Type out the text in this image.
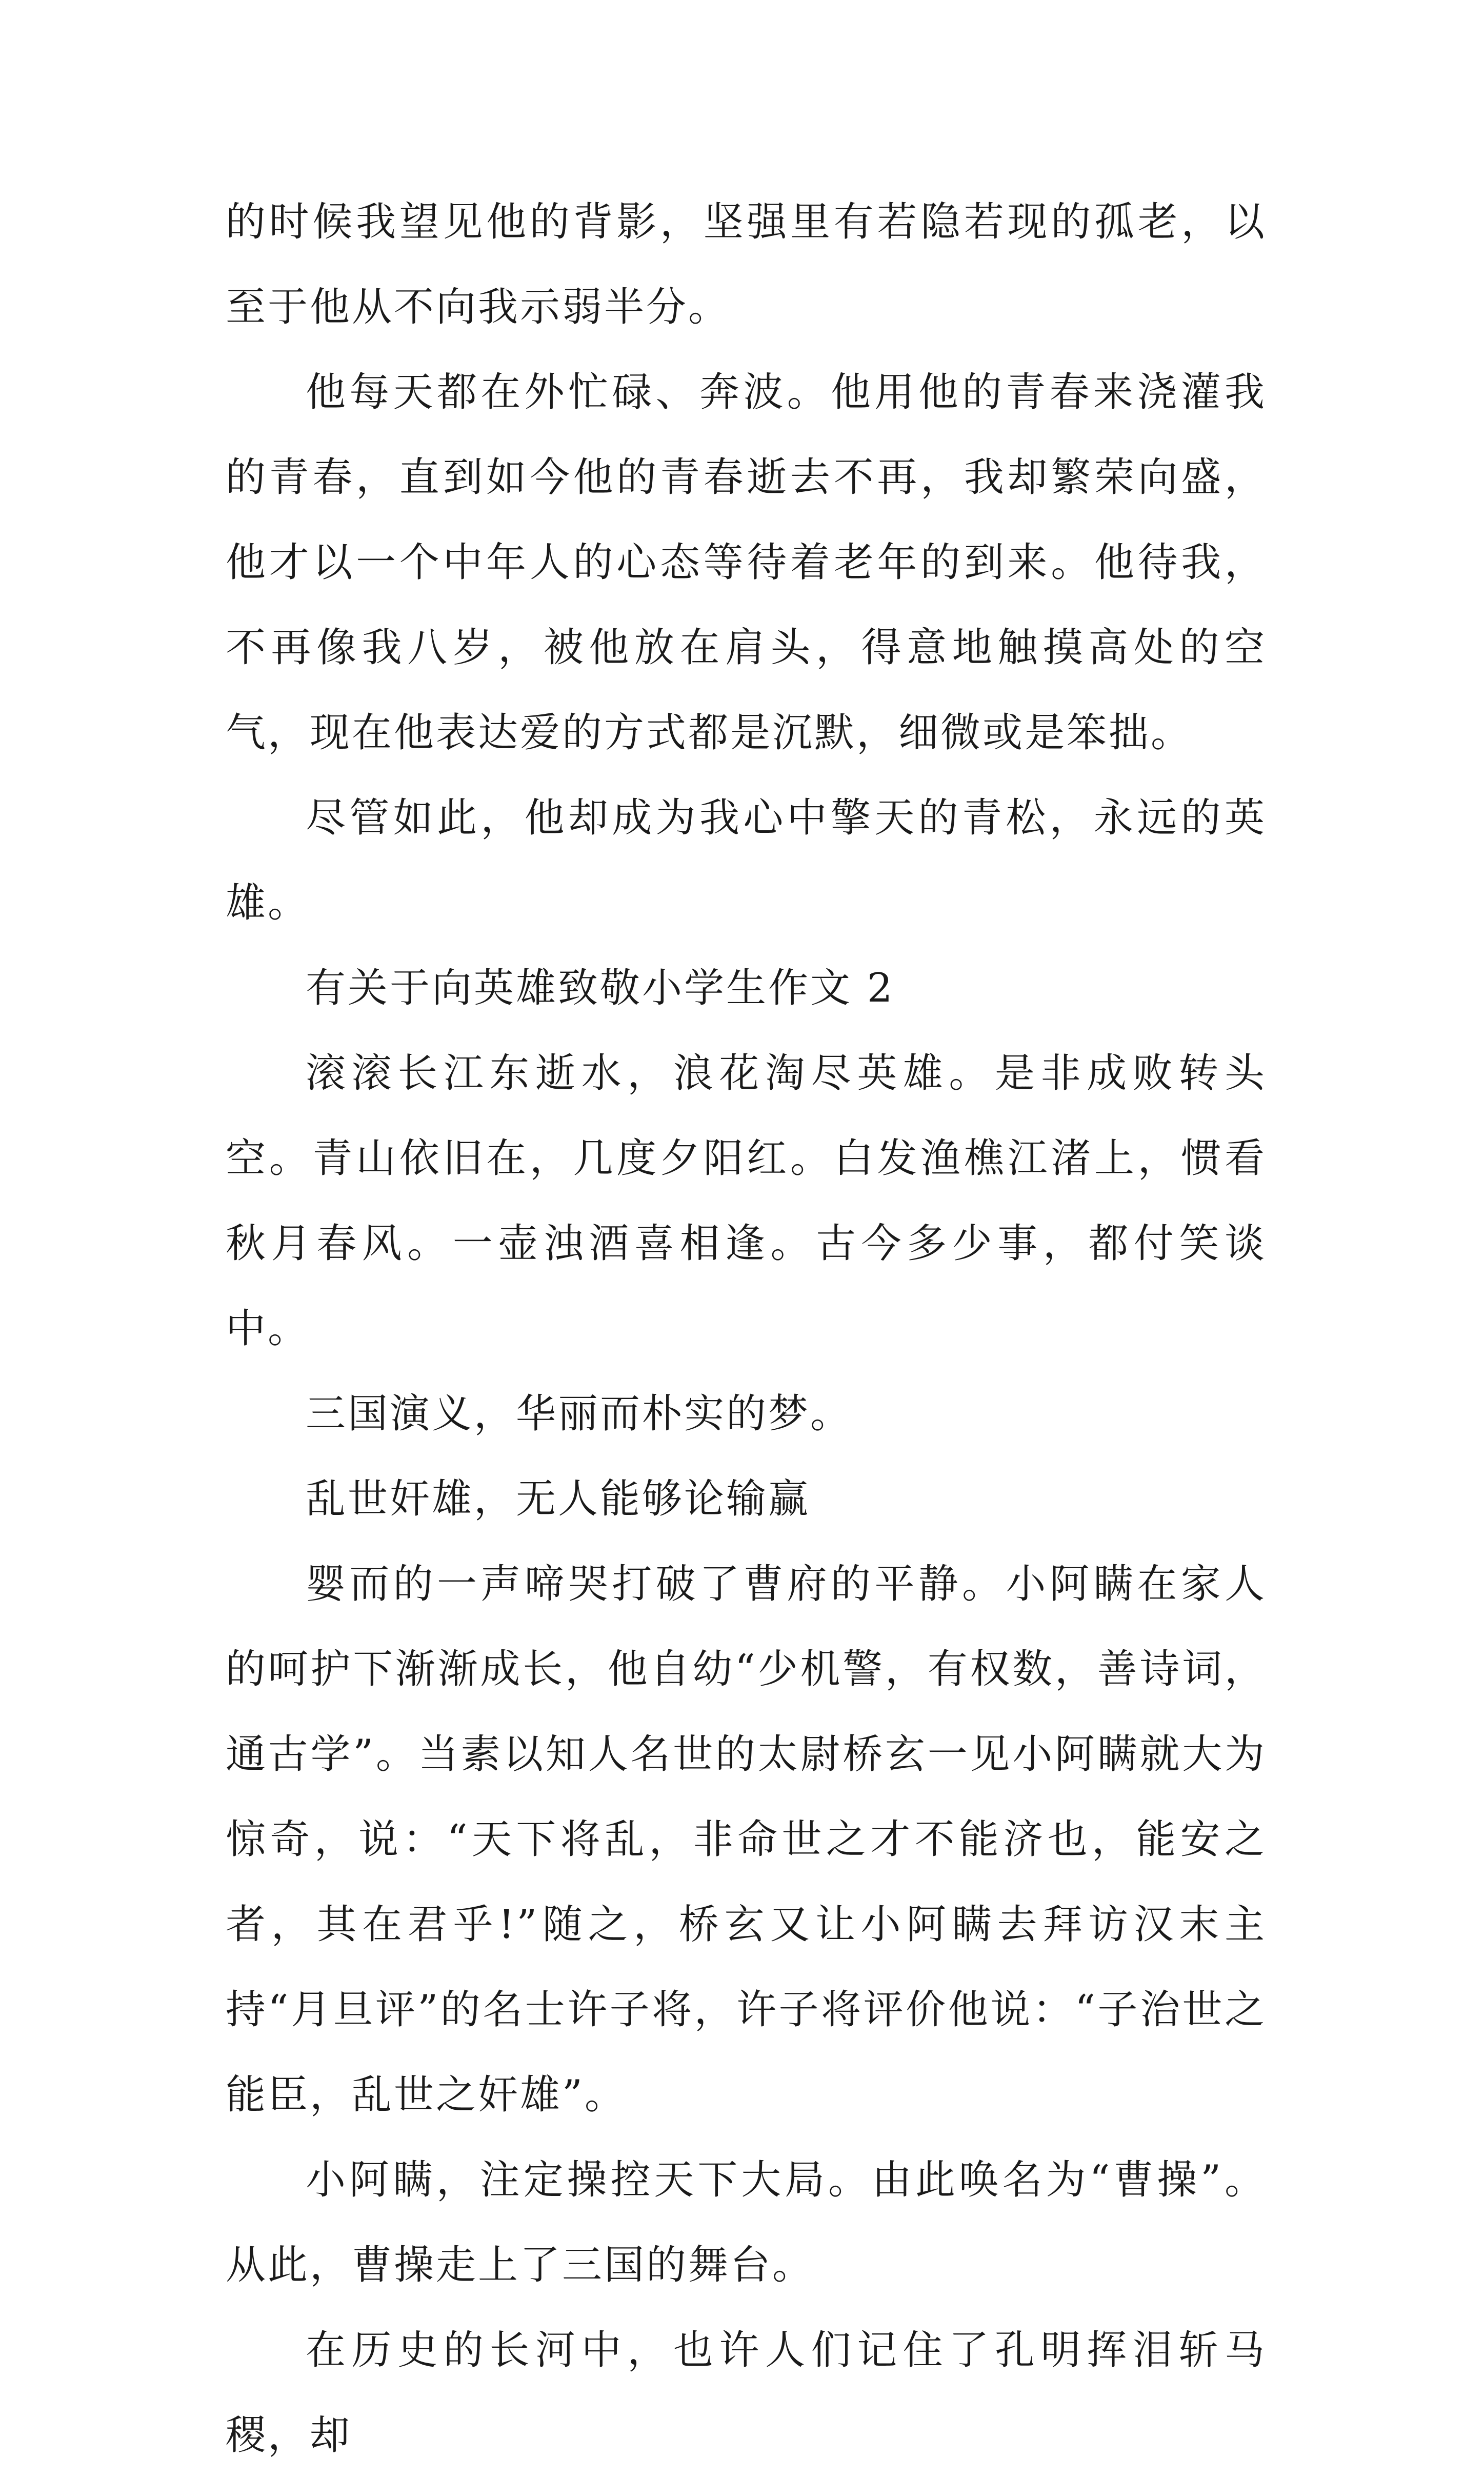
的时候我望见他的背影，坚强里有若隐若现的孤老，以至于他从不向我示弱半分。

他每天都在外忙碌、奔波。他用他的青春来浇灌我的青春，直到如今他的青春逝去不再，我却繁荣向盛，他才以一个中年人的心态等待着老年的到来。他待我，不再像我八岁，被他放在肩头，得意地触摸高处的空气，现在他表达爱的方式都是沉默，细微或是笨拙。

尽管如此，他却成为我心中擎天的青松，永远的英雄。

有关于向英雄致敬小学生作文 2

滚滚长江东逝水，浪花淘尽英雄。是非成败转头空。青山依旧在，几度夕阳红。白发渔樵江渚上，惯看秋月春风。一壶浊酒喜相逢。古今多少事，都付笑谈中。

三国演义，华丽而朴实的梦。

乱世奸雄，无人能够论输赢

婴而的一声啼哭打破了曹府的平静。小阿瞒在家人的呵护下渐渐成长，他自幼“少机警，有权数，善诗词，通古学”。当素以知人名世的太尉桥玄一见小阿瞒就大为惊奇，说：“天下将乱，非命世之才不能济也，能安之者，其在君乎!”随之，桥玄又让小阿瞒去拜访汉末主持“月旦评”的名士许子将，许子将评价他说：“子治世之能臣，乱世之奸雄”。

小阿瞒，注定操控天下大局。由此唤名为“曹操”。从此，曹操走上了三国的舞台。

在历史的长河中，也许人们记住了孔明挥泪斩马稷，却
